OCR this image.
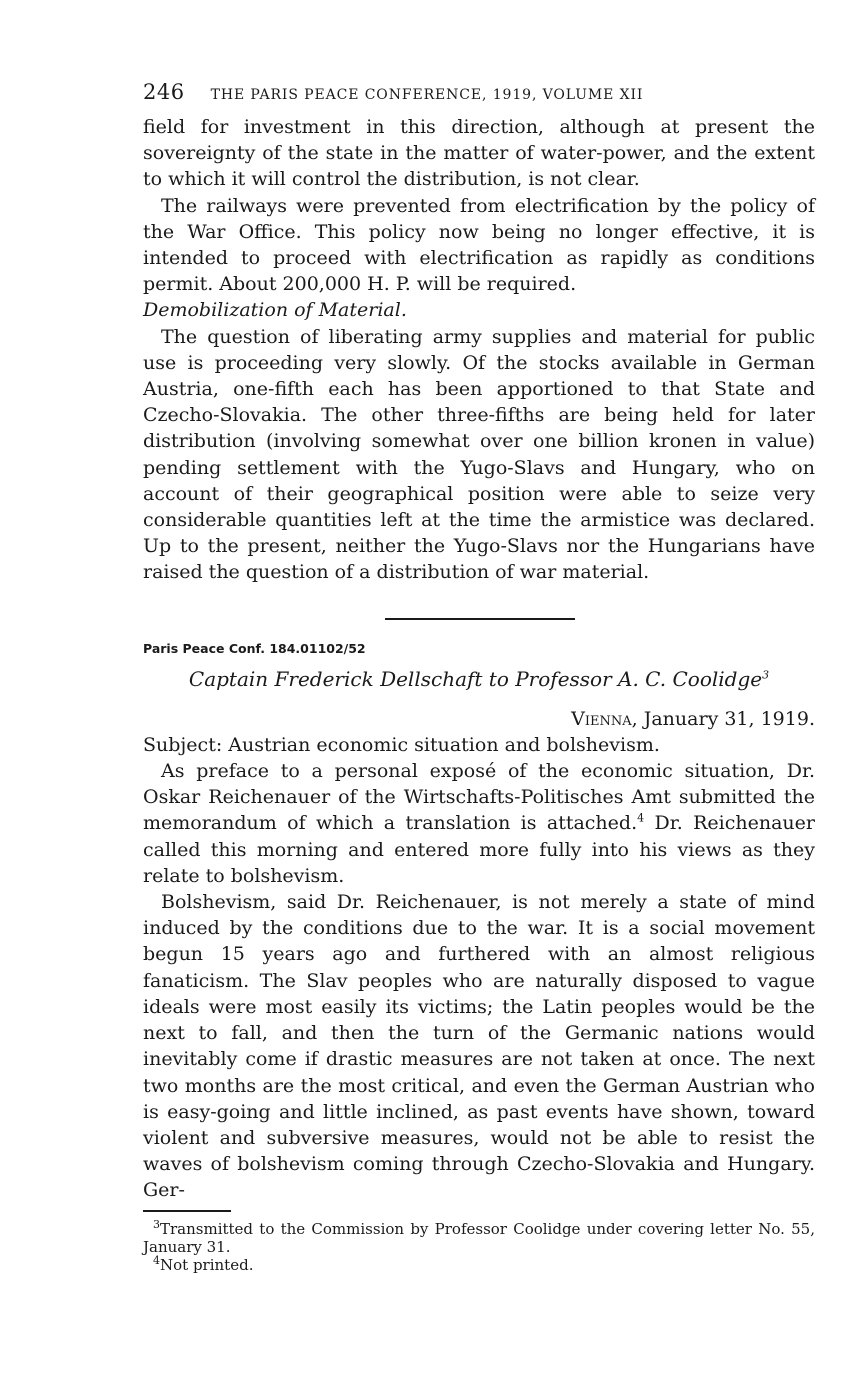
246 THE PARIS PEACE CONFERENCE, 1919, VOLUME XII

field for investment in this direction, although at present the sovereignty of the state in the matter of water-power, and the extent to which it will control the distribution, is not clear.

The railways were prevented from electrification by the policy of the War Office. This policy now being no longer effective, it is intended to proceed with electrification as rapidly as conditions permit. About 200,000 H. P. will be required.

Demobilization of Material.

The question of liberating army supplies and material for public use is proceeding very slowly. Of the stocks available in German Austria, one-fifth each has been apportioned to that State and Czecho-Slovakia. The other three-fifths are being held for later distribution (involving somewhat over one billion kronen in value) pending settlement with the Yugo-Slavs and Hungary, who on account of their geographical position were able to seize very considerable quantities left at the time the armistice was declared. Up to the present, neither the Yugo-Slavs nor the Hungarians have raised the question of a distribution of war material.

Paris Peace Conf. 184.01102/52
Captain Frederick Dellschaft to Professor A. C. Coolidge$^3$
Vienna, January 31, 1919.
Subject: Austrian economic situation and bolshevism.

As preface to a personal exposé of the economic situation, Dr. Oskar Reichenauer of the Wirtschafts-Politisches Amt submitted the memorandum of which a translation is attached.$^4$ Dr. Reichenauer called this morning and entered more fully into his views as they relate to bolshevism.

Bolshevism, said Dr. Reichenauer, is not merely a state of mind induced by the conditions due to the war. It is a social movement begun 15 years ago and furthered with an almost religious fanaticism. The Slav peoples who are naturally disposed to vague ideals were most easily its victims; the Latin peoples would be the next to fall, and then the turn of the Germanic nations would inevitably come if drastic measures are not taken at once. The next two months are the most critical, and even the German Austrian who is easy-going and little inclined, as past events have shown, toward violent and subversive measures, would not be able to resist the waves of bolshevism coming through Czecho-Slovakia and Hungary. Ger-

$^3$Transmitted to the Commission by Professor Coolidge under covering letter No. 55, January 31.
$^4$Not printed.
